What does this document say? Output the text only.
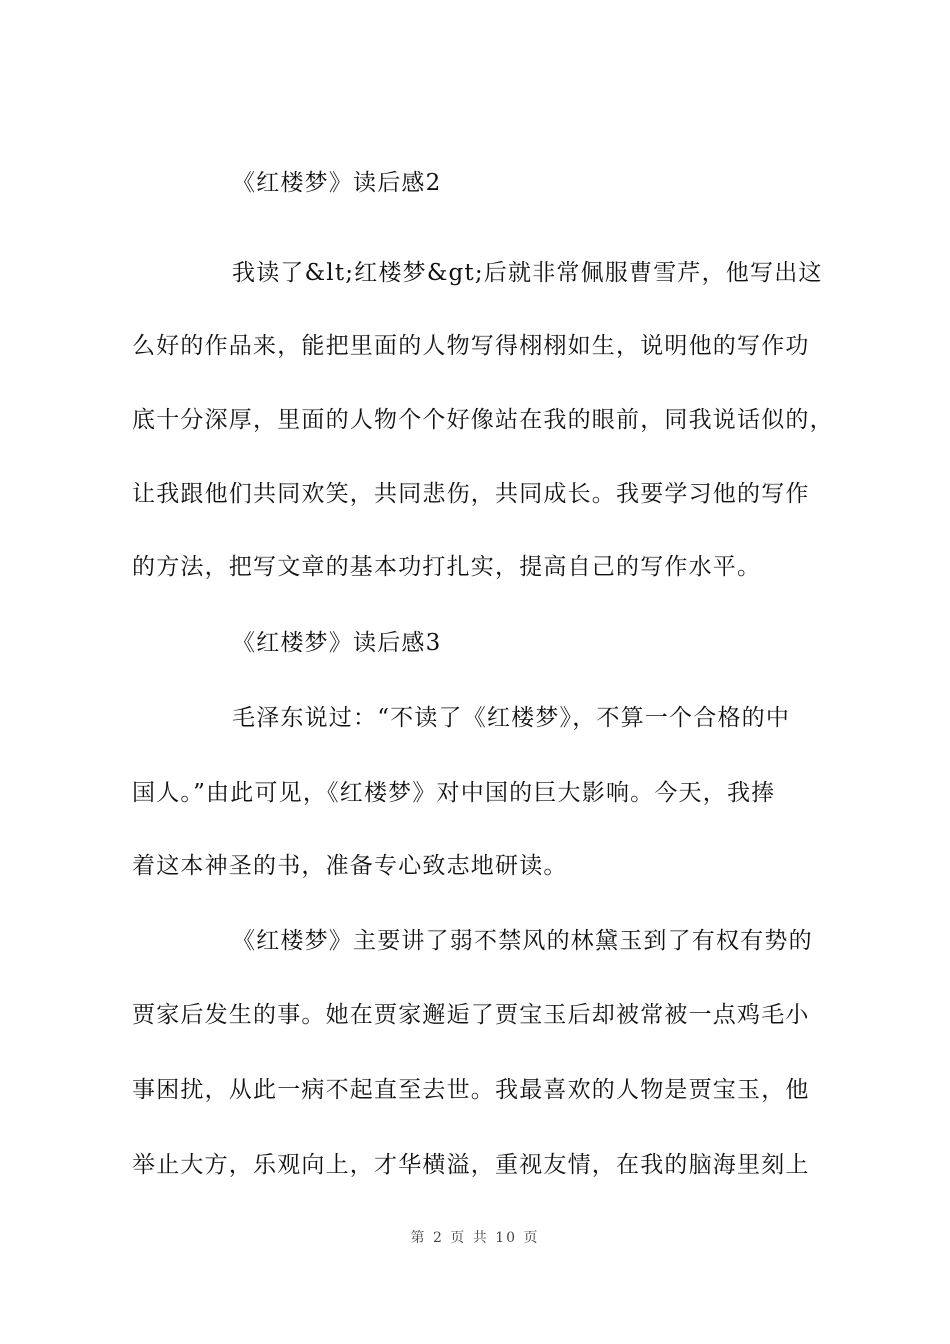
《红楼梦》读后感2
我读了&lt;红楼梦&gt;后就非常佩服曹雪芹，他写出这
么好的作品来，能把里面的人物写得栩栩如生，说明他的写作功
底十分深厚，里面的人物个个好像站在我的眼前，同我说话似的，
让我跟他们共同欢笑，共同悲伤，共同成长。我要学习他的写作
的方法，把写文章的基本功打扎实，提高自己的写作水平。
《红楼梦》读后感3
毛泽东说过：“不读了《红楼梦》，不算一个合格的中
国人。”由此可见，《红楼梦》对中国的巨大影响。今天，我捧
着这本神圣的书，准备专心致志地研读。
《红楼梦》主要讲了弱不禁风的林黛玉到了有权有势的
贾家后发生的事。她在贾家邂逅了贾宝玉后却被常被一点鸡毛小
事困扰，从此一病不起直至去世。我最喜欢的人物是贾宝玉，他
举止大方，乐观向上，才华横溢，重视友情，在我的脑海里刻上
第 2 页 共 10 页
